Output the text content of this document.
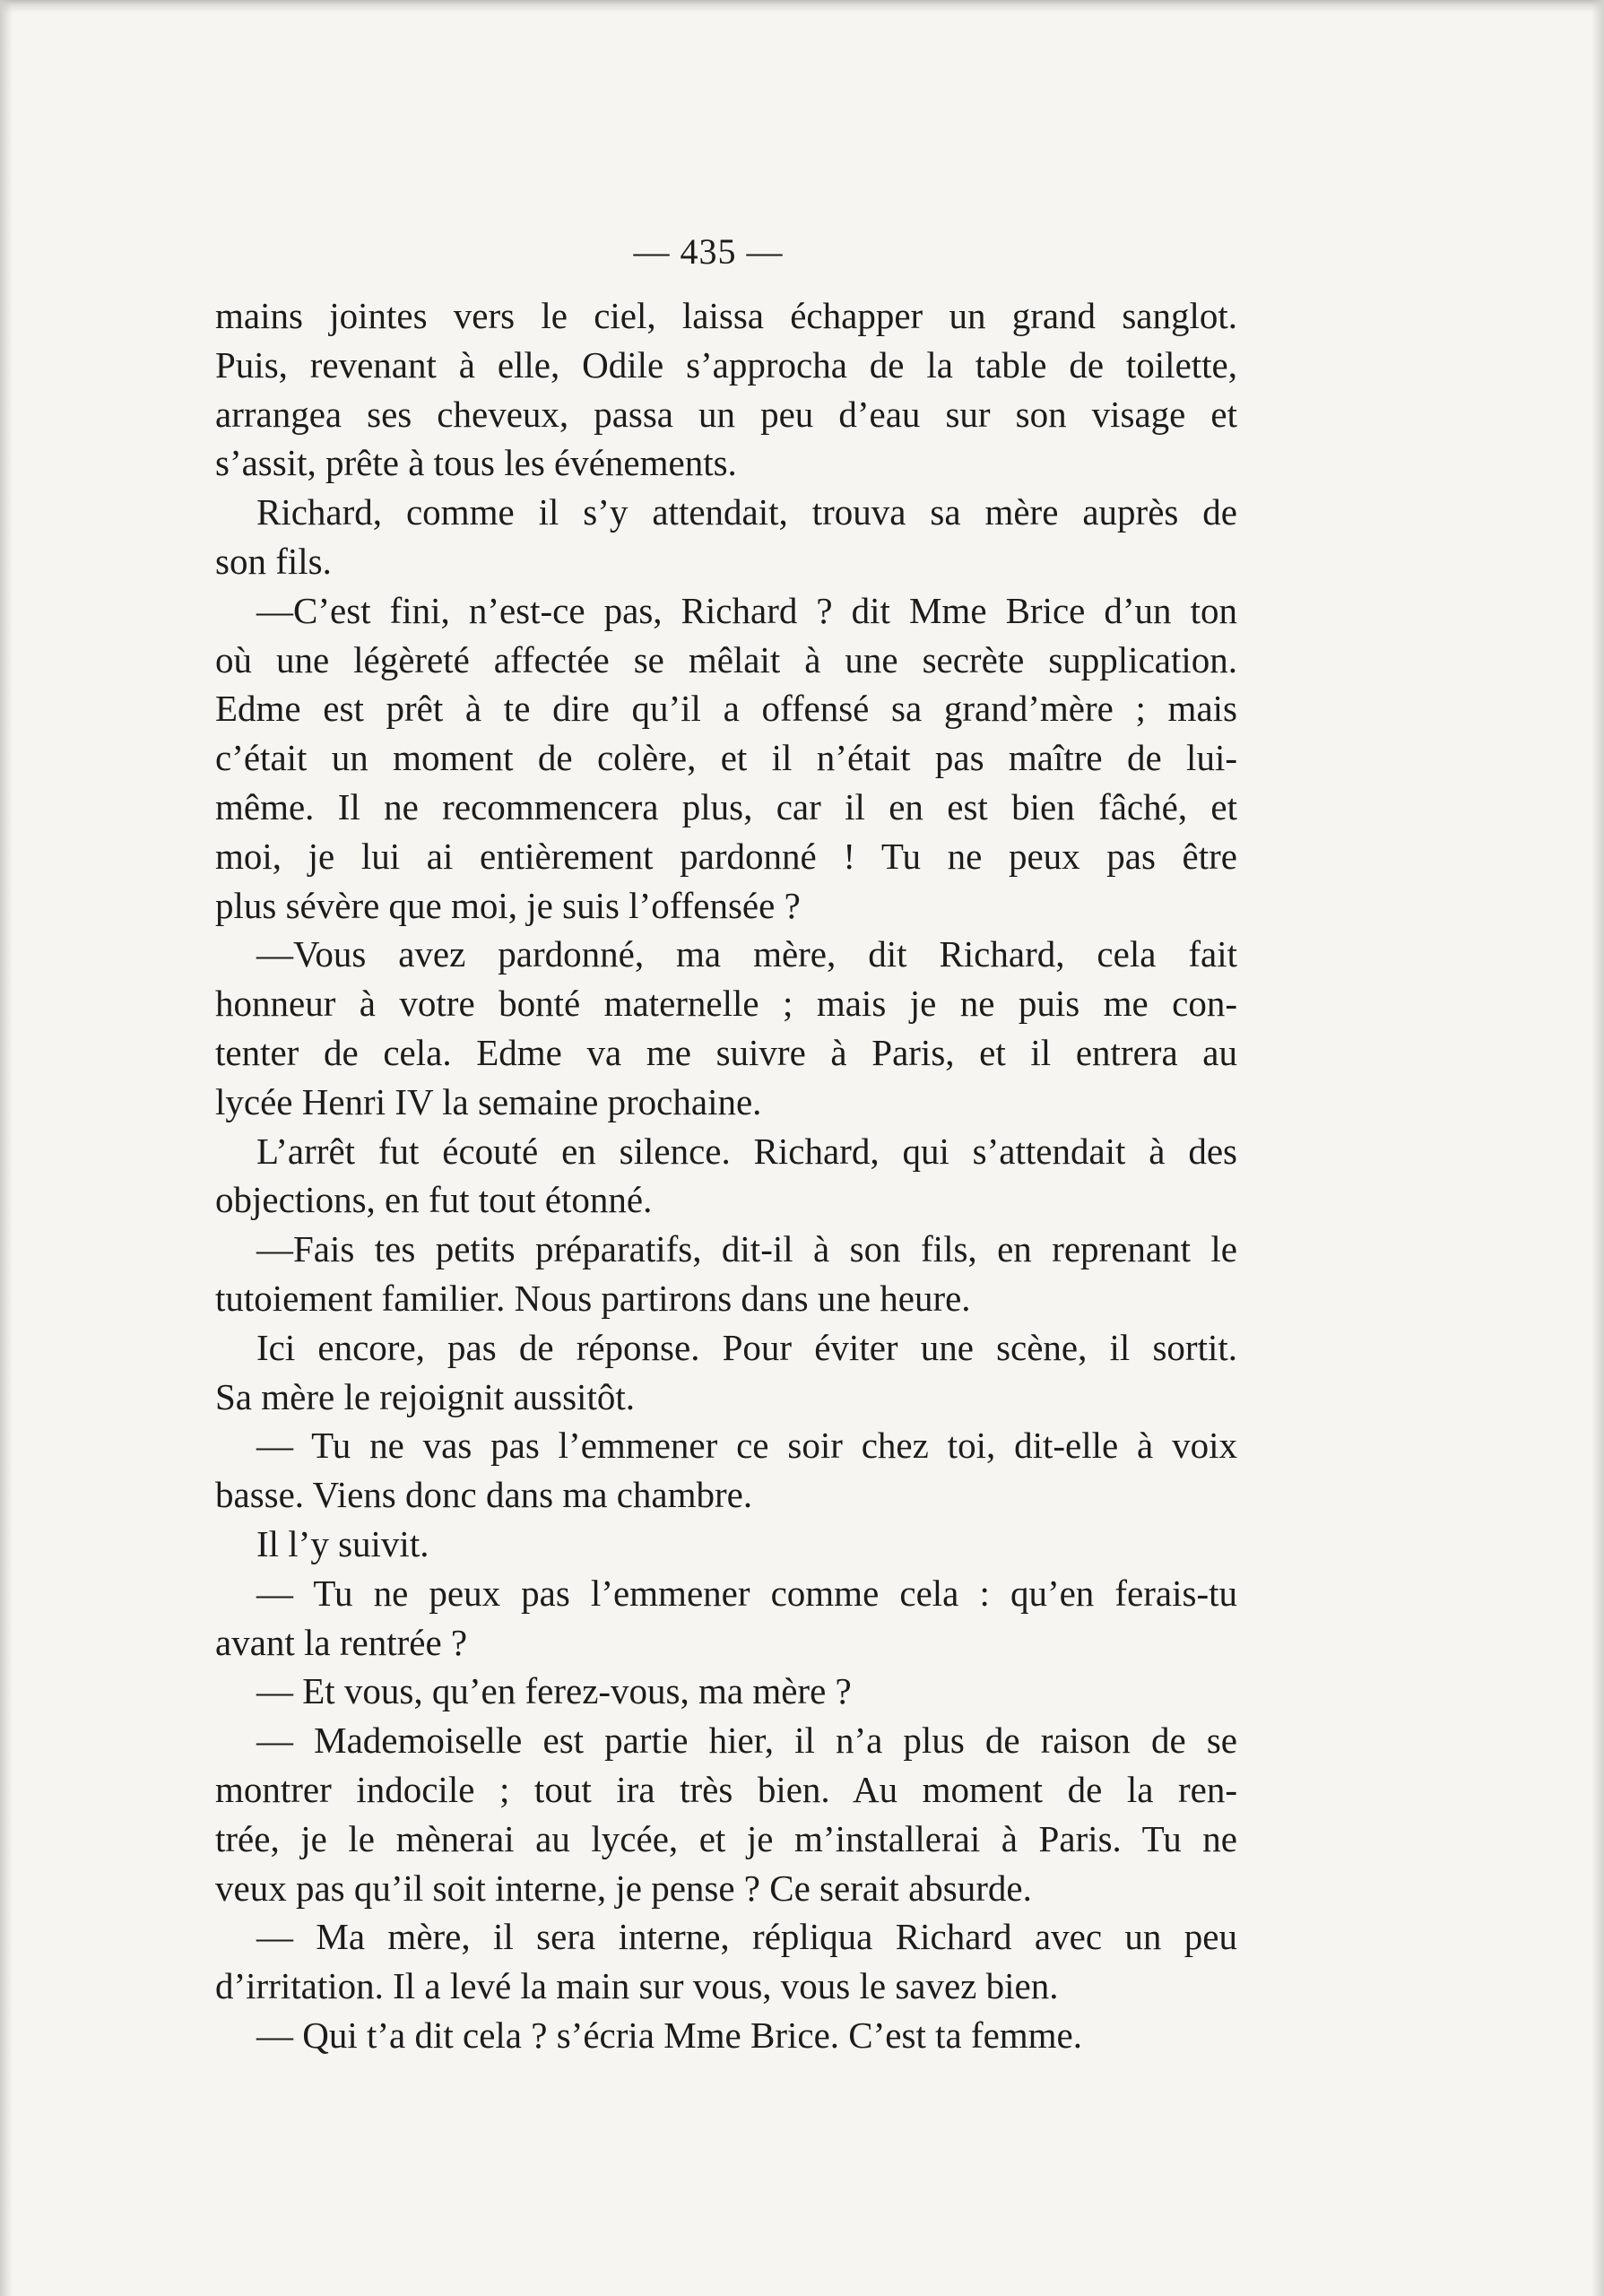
— 435 —
mains jointes vers le ciel, laissa échapper un grand sanglot.
Puis, revenant à elle, Odile s’approcha de la table de toilette,
arrangea ses cheveux, passa un peu d’eau sur son visage et
s’assit, prête à tous les événements.
Richard, comme il s’y attendait, trouva sa mère auprès de
son fils.
—C’est fini, n’est-ce pas, Richard ? dit Mme Brice d’un ton
où une légèreté affectée se mêlait à une secrète supplication.
Edme est prêt à te dire qu’il a offensé sa grand’mère ; mais
c’était un moment de colère, et il n’était pas maître de lui-
même. Il ne recommencera plus, car il en est bien fâché, et
moi, je lui ai entièrement pardonné ! Tu ne peux pas être
plus sévère que moi, je suis l’offensée ?
—Vous avez pardonné, ma mère, dit Richard, cela fait
honneur à votre bonté maternelle ; mais je ne puis me con-
tenter de cela. Edme va me suivre à Paris, et il entrera au
lycée Henri IV la semaine prochaine.
L’arrêt fut écouté en silence. Richard, qui s’attendait à des
objections, en fut tout étonné.
—Fais tes petits préparatifs, dit-il à son fils, en reprenant le
tutoiement familier. Nous partirons dans une heure.
Ici encore, pas de réponse. Pour éviter une scène, il sortit.
Sa mère le rejoignit aussitôt.
— Tu ne vas pas l’emmener ce soir chez toi, dit-elle à voix
basse. Viens donc dans ma chambre.
Il l’y suivit.
— Tu ne peux pas l’emmener comme cela : qu’en ferais-tu
avant la rentrée ?
— Et vous, qu’en ferez-vous, ma mère ?
— Mademoiselle est partie hier, il n’a plus de raison de se
montrer indocile ; tout ira très bien. Au moment de la ren-
trée, je le mènerai au lycée, et je m’installerai à Paris. Tu ne
veux pas qu’il soit interne, je pense ? Ce serait absurde.
— Ma mère, il sera interne, répliqua Richard avec un peu
d’irritation. Il a levé la main sur vous, vous le savez bien.
— Qui t’a dit cela ? s’écria Mme Brice. C’est ta femme.
